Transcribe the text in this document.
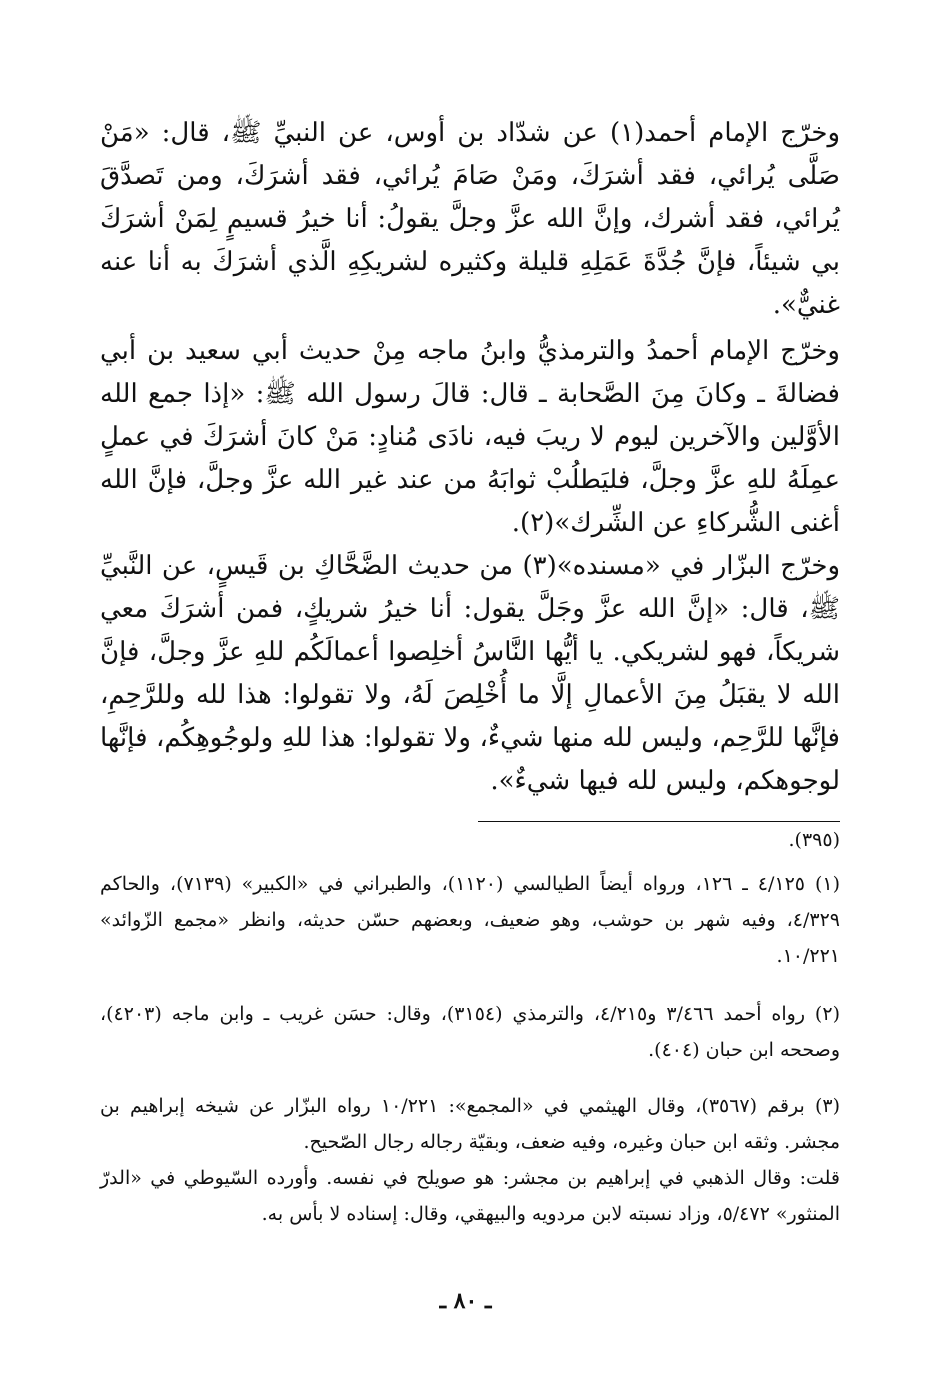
وخرّج الإمام أحمد(١) عن شدّاد بن أوس، عن النبيِّ ﷺ، قال: «مَنْ صَلَّى يُرائي، فقد أشرَكَ، ومَنْ صَامَ يُرائي، فقد أشرَكَ، ومن تَصدَّقَ يُرائي، فقد أشرك، وإنَّ الله عزَّ وجلَّ يقولُ: أنا خيرُ قسيمٍ لِمَنْ أشرَكَ بي شيئاً، فإنَّ جُدَّةَ عَمَلِهِ قليلة وكثيره لشريكِهِ الَّذي أشرَكَ به أنا عنه غنيٌّ».

وخرّج الإمام أحمدُ والترمذيُّ وابنُ ماجه مِنْ حديث أبي سعيد بن أبي فضالةَ ـ وكانَ مِنَ الصَّحابة ـ قال: قالَ رسول الله ﷺ: «إذا جمع الله الأوَّلين والآخرين ليوم لا ريبَ فيه، نادَى مُنادٍ: مَنْ كانَ أشرَكَ في عملٍ عمِلَهُ للهِ عزَّ وجلَّ، فليَطلُبْ ثوابَهُ من عند غير الله عزَّ وجلَّ، فإنَّ الله أغنى الشُّركاءِ عن الشِّرك»(٢).

وخرّج البزّار في «مسنده»(٣) من حديث الضَّحَّاكِ بن قَيسٍ، عن النَّبيِّ ﷺ، قال: «إنَّ الله عزَّ وجَلَّ يقول: أنا خيرُ شريكٍ، فمن أشرَكَ معي شريكاً، فهو لشريكي. يا أيُّها النَّاسُ أخلِصوا أعمالَكُم للهِ عزَّ وجلَّ، فإنَّ الله لا يقبَلُ مِنَ الأعمالِ إلَّا ما أُخْلِصَ لَهُ، ولا تقولوا: هذا لله وللرَّحِمِ، فإنَّها للرَّحِم، وليس لله منها شيءٌ، ولا تقولوا: هذا للهِ ولوجُوهِكُم، فإنَّها لوجوهكم، وليس لله فيها شيءٌ».

(٣٩٥).

(١) ٤/١٢٥ ـ ١٢٦، ورواه أيضاً الطيالسي (١١٢٠)، والطبراني في «الكبير» (٧١٣٩)، والحاكم ٤/٣٢٩، وفيه شهر بن حوشب، وهو ضعيف، وبعضهم حسّن حديثه، وانظر «مجمع الزّوائد» ١٠/٢٢١.

(٢) رواه أحمد ٣/٤٦٦ و٤/٢١٥، والترمذي (٣١٥٤)، وقال: حسَن غريب ـ وابن ماجه (٤٢٠٣)، وصححه ابن حبان (٤٠٤).

(٣) برقم (٣٥٦٧)، وقال الهيثمي في «المجمع»: ١٠/٢٢١ رواه البزّار عن شيخه إبراهيم بن مجشر. وثقه ابن حبان وغيره، وفيه ضعف، وبقيّة رجاله رجال الصّحيح.

قلت: وقال الذهبي في إبراهيم بن مجشر: هو صويلح في نفسه. وأورده السّيوطي في «الدرّ المنثور» ٥/٤٧٢، وزاد نسبته لابن مردويه والبيهقي، وقال: إسناده لا بأس به.

ـ ٨٠ ـ
